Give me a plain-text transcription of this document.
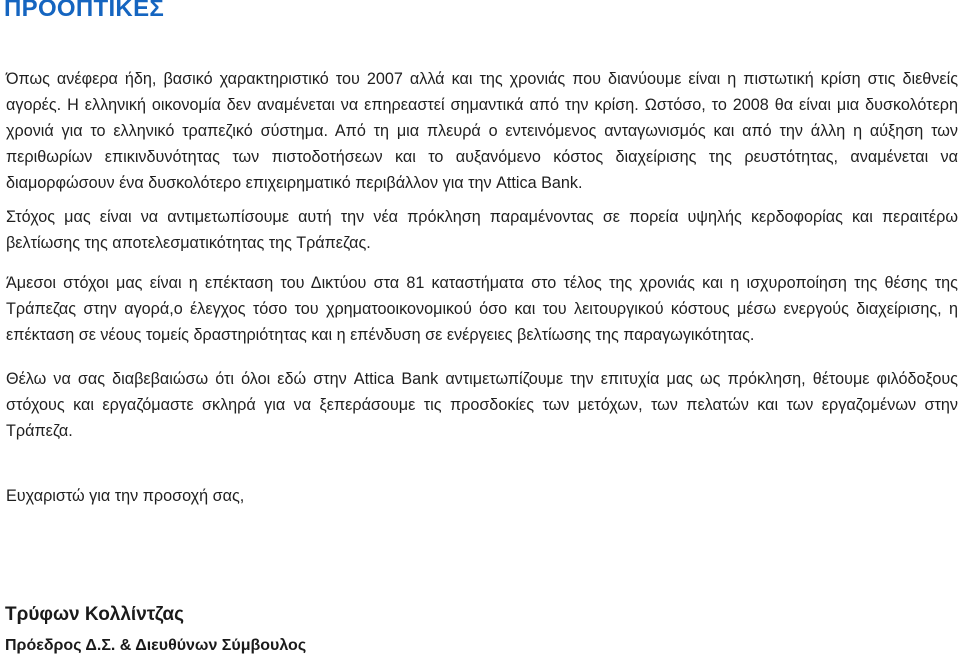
ΠΡΟΟΠΤΙΚΕΣ

Όπως ανέφερα ήδη, βασικό χαρακτηριστικό του 2007 αλλά και της χρονιάς που διανύουμε είναι η πιστωτική κρίση στις διεθνείς αγορές. Η ελληνική οικονομία δεν αναμένεται να επηρεαστεί σημαντικά από την κρίση. Ωστόσο, το 2008 θα είναι μια δυσκολότερη χρονιά για το ελληνικό τραπεζικό σύστημα. Από τη μια πλευρά ο εντεινόμενος ανταγωνισμός και από την άλλη η αύξηση των περιθωρίων επικινδυνότητας των πιστοδοτήσεων και το αυξανόμενο κόστος διαχείρισης της ρευστότητας, αναμένεται να διαμορφώσουν ένα δυσκολότερο επιχειρηματικό περιβάλλον για την Attica Bank.

Στόχος μας είναι να αντιμετωπίσουμε αυτή την νέα πρόκληση παραμένοντας σε πορεία υψηλής κερδοφορίας και περαιτέρω βελτίωσης της αποτελεσματικότητας της Τράπεζας.

Άμεσοι στόχοι μας είναι η επέκταση του Δικτύου στα 81 καταστήματα στο τέλος της χρονιάς και η ισχυροποίηση της θέσης της Τράπεζας στην αγορά,ο έλεγχος τόσο του χρηματοοικονομικού όσο και του λειτουργικού κόστους μέσω ενεργούς διαχείρισης, η επέκταση σε νέους τομείς δραστηριότητας και η επένδυση σε ενέργειες βελτίωσης της παραγωγικότητας.

Θέλω να σας διαβεβαιώσω ότι όλοι εδώ στην Attica Bank αντιμετωπίζουμε την επιτυχία μας ως πρόκληση, θέτουμε φιλόδοξους στόχους και εργαζόμαστε σκληρά για να ξεπεράσουμε τις προσδοκίες των μετόχων, των πελατών και των εργαζομένων στην Τράπεζα.

Ευχαριστώ για την προσοχή σας,

Τρύφων Κολλίντζας

Πρόεδρος Δ.Σ. & Διευθύνων Σύμβουλος
